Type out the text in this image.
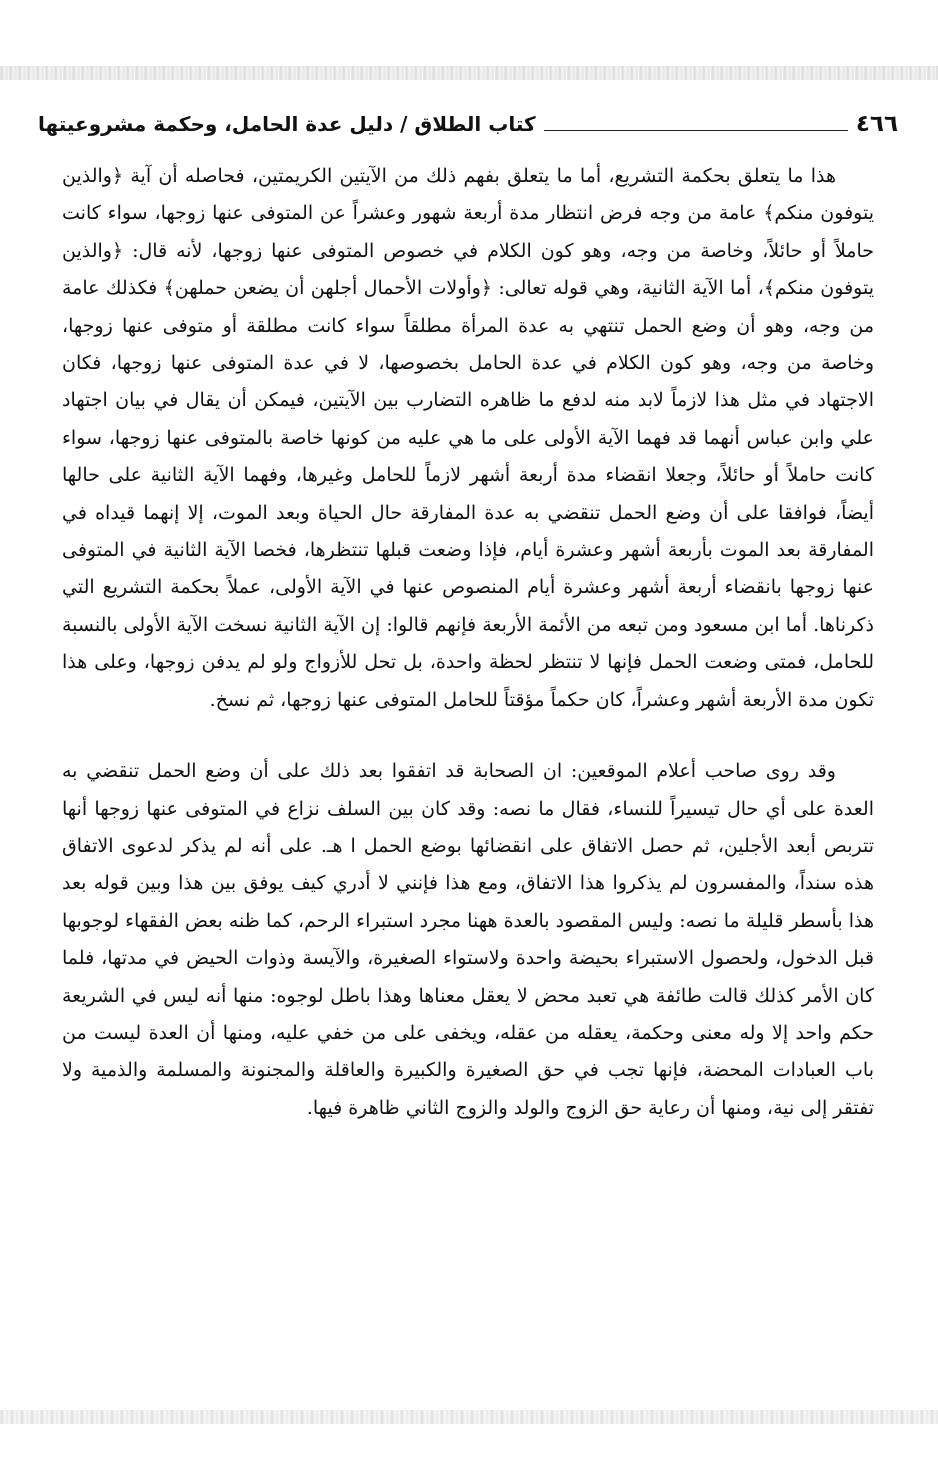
٤٦٦
كتاب الطلاق / دليل عدة الحامل، وحكمة مشروعيتها

هذا ما يتعلق بحكمة التشريع، أما ما يتعلق بفهم ذلك من الآيتين الكريمتين، فحاصله أن آية ﴿والذين يتوفون منكم﴾ عامة من وجه فرض انتظار مدة أربعة شهور وعشراً عن المتوفى عنها زوجها، سواء كانت حاملاً أو حائلاً، وخاصة من وجه، وهو كون الكلام في خصوص المتوفى عنها زوجها، لأنه قال: ﴿والذين يتوفون منكم﴾، أما الآية الثانية، وهي قوله تعالى: ﴿وأولات الأحمال أجلهن أن يضعن حملهن﴾ فكذلك عامة من وجه، وهو أن وضع الحمل تنتهي به عدة المرأة مطلقاً سواء كانت مطلقة أو متوفى عنها زوجها، وخاصة من وجه، وهو كون الكلام في عدة الحامل بخصوصها، لا في عدة المتوفى عنها زوجها، فكان الاجتهاد في مثل هذا لازماً لابد منه لدفع ما ظاهره التضارب بين الآيتين، فيمكن أن يقال في بيان اجتهاد علي وابن عباس أنهما قد فهما الآية الأولى على ما هي عليه من كونها خاصة بالمتوفى عنها زوجها، سواء كانت حاملاً أو حائلاً، وجعلا انقضاء مدة أربعة أشهر لازماً للحامل وغيرها، وفهما الآية الثانية على حالها أيضاً، فوافقا على أن وضع الحمل تنقضي به عدة المفارقة حال الحياة وبعد الموت، إلا إنهما قيداه في المفارقة بعد الموت بأربعة أشهر وعشرة أيام، فإذا وضعت قبلها تنتظرها، فخصا الآية الثانية في المتوفى عنها زوجها بانقضاء أربعة أشهر وعشرة أيام المنصوص عنها في الآية الأولى، عملاً بحكمة التشريع التي ذكرناها. أما ابن مسعود ومن تبعه من الأئمة الأربعة فإنهم قالوا: إن الآية الثانية نسخت الآية الأولى بالنسبة للحامل، فمتى وضعت الحمل فإنها لا تنتظر لحظة واحدة، بل تحل للأزواج ولو لم يدفن زوجها، وعلى هذا تكون مدة الأربعة أشهر وعشراً، كان حكماً مؤقتاً للحامل المتوفى عنها زوجها، ثم نسخ.

وقد روى صاحب أعلام الموقعين: ان الصحابة قد اتفقوا بعد ذلك على أن وضع الحمل تنقضي به العدة على أي حال تيسيراً للنساء، فقال ما نصه: وقد كان بين السلف نزاع في المتوفى عنها زوجها أنها تتربص أبعد الأجلين، ثم حصل الاتفاق على انقضائها بوضع الحمل ا هـ. على أنه لم يذكر لدعوى الاتفاق هذه سنداً، والمفسرون لم يذكروا هذا الاتفاق، ومع هذا فإنني لا أدري كيف يوفق بين هذا وبين قوله بعد هذا بأسطر قليلة ما نصه: وليس المقصود بالعدة ههنا مجرد استبراء الرحم، كما ظنه بعض الفقهاء لوجوبها قبل الدخول، ولحصول الاستبراء بحيضة واحدة ولاستواء الصغيرة، والآيسة وذوات الحيض في مدتها، فلما كان الأمر كذلك قالت طائفة هي تعبد محض لا يعقل معناها وهذا باطل لوجوه: منها أنه ليس في الشريعة حكم واحد إلا وله معنى وحكمة، يعقله من عقله، ويخفى على من خفي عليه، ومنها أن العدة ليست من باب العبادات المحضة، فإنها تجب في حق الصغيرة والكبيرة والعاقلة والمجنونة والمسلمة والذمية ولا تفتقر إلى نية، ومنها أن رعاية حق الزوج والولد والزوج الثاني ظاهرة فيها.
